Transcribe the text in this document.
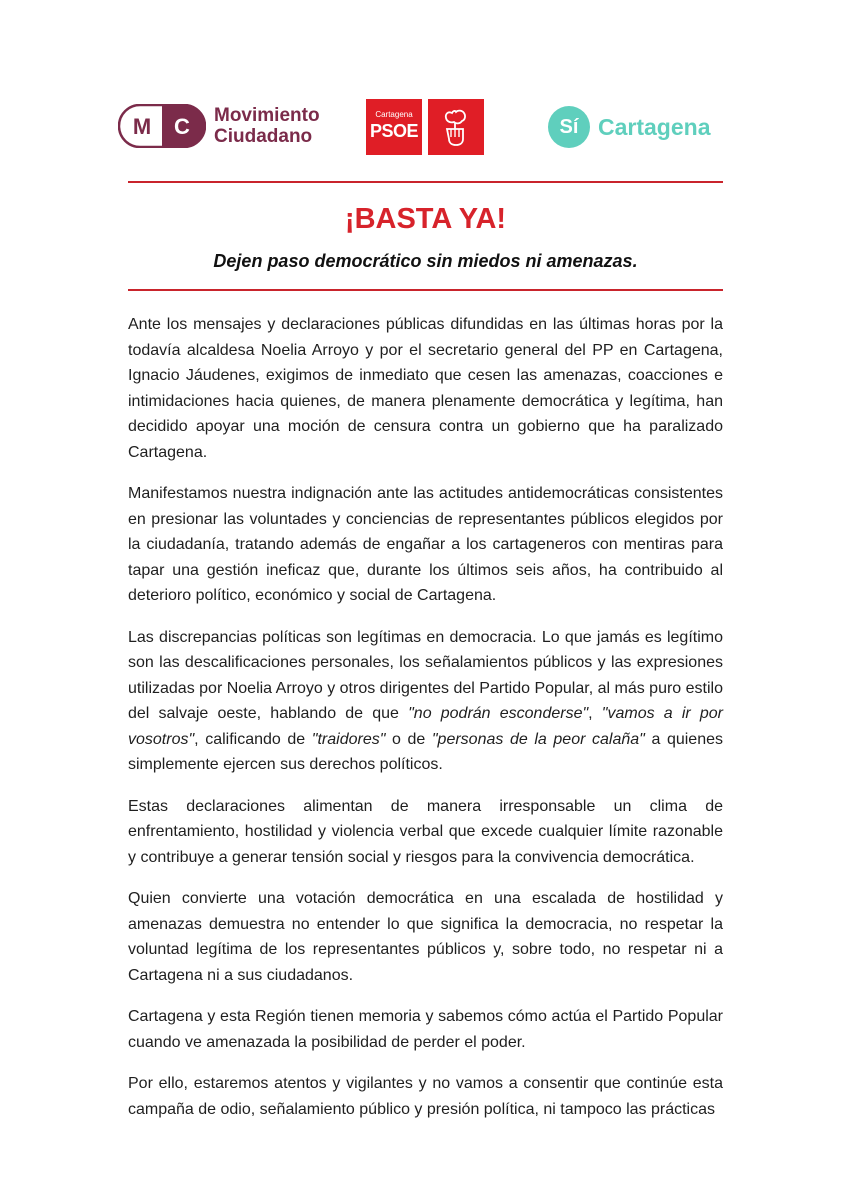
M C Movimiento
Ciudadano
Cartagena
PSOE	Sí Cartagena
¡BASTA YA!
Dejen paso democrático sin miedos ni amenazas.

Ante los mensajes y declaraciones públicas difundidas en las últimas horas por la todavía alcaldesa Noelia Arroyo y por el secretario general del PP en Cartagena, Ignacio Jáudenes, exigimos de inmediato que cesen las amenazas, coacciones e intimidaciones hacia quienes, de manera plenamente democrática y legítima, han decidido apoyar una moción de censura contra un gobierno que ha paralizado Cartagena.

Manifestamos nuestra indignación ante las actitudes antidemocráticas consistentes en presionar las voluntades y conciencias de representantes públicos elegidos por la ciudadanía, tratando además de engañar a los cartageneros con mentiras para tapar una gestión ineficaz que, durante los últimos seis años, ha contribuido al deterioro político, económico y social de Cartagena.

Las discrepancias políticas son legítimas en democracia. Lo que jamás es legítimo son las descalificaciones personales, los señalamientos públicos y las expresiones utilizadas por Noelia Arroyo y otros dirigentes del Partido Popular, al más puro estilo del salvaje oeste, hablando de que "no podrán esconderse", "vamos a ir por vosotros", calificando de "traidores" o de "personas de la peor calaña" a quienes simplemente ejercen sus derechos políticos.

Estas declaraciones alimentan de manera irresponsable un clima de enfrentamiento, hostilidad y violencia verbal que excede cualquier límite razonable y contribuye a generar tensión social y riesgos para la convivencia democrática.

Quien convierte una votación democrática en una escalada de hostilidad y amenazas demuestra no entender lo que significa la democracia, no respetar la voluntad legítima de los representantes públicos y, sobre todo, no respetar ni a Cartagena ni a sus ciudadanos.

Cartagena y esta Región tienen memoria y sabemos cómo actúa el Partido Popular cuando ve amenazada la posibilidad de perder el poder.

Por ello, estaremos atentos y vigilantes y no vamos a consentir que continúe esta campaña de odio, señalamiento público y presión política, ni tampoco las prácticas
